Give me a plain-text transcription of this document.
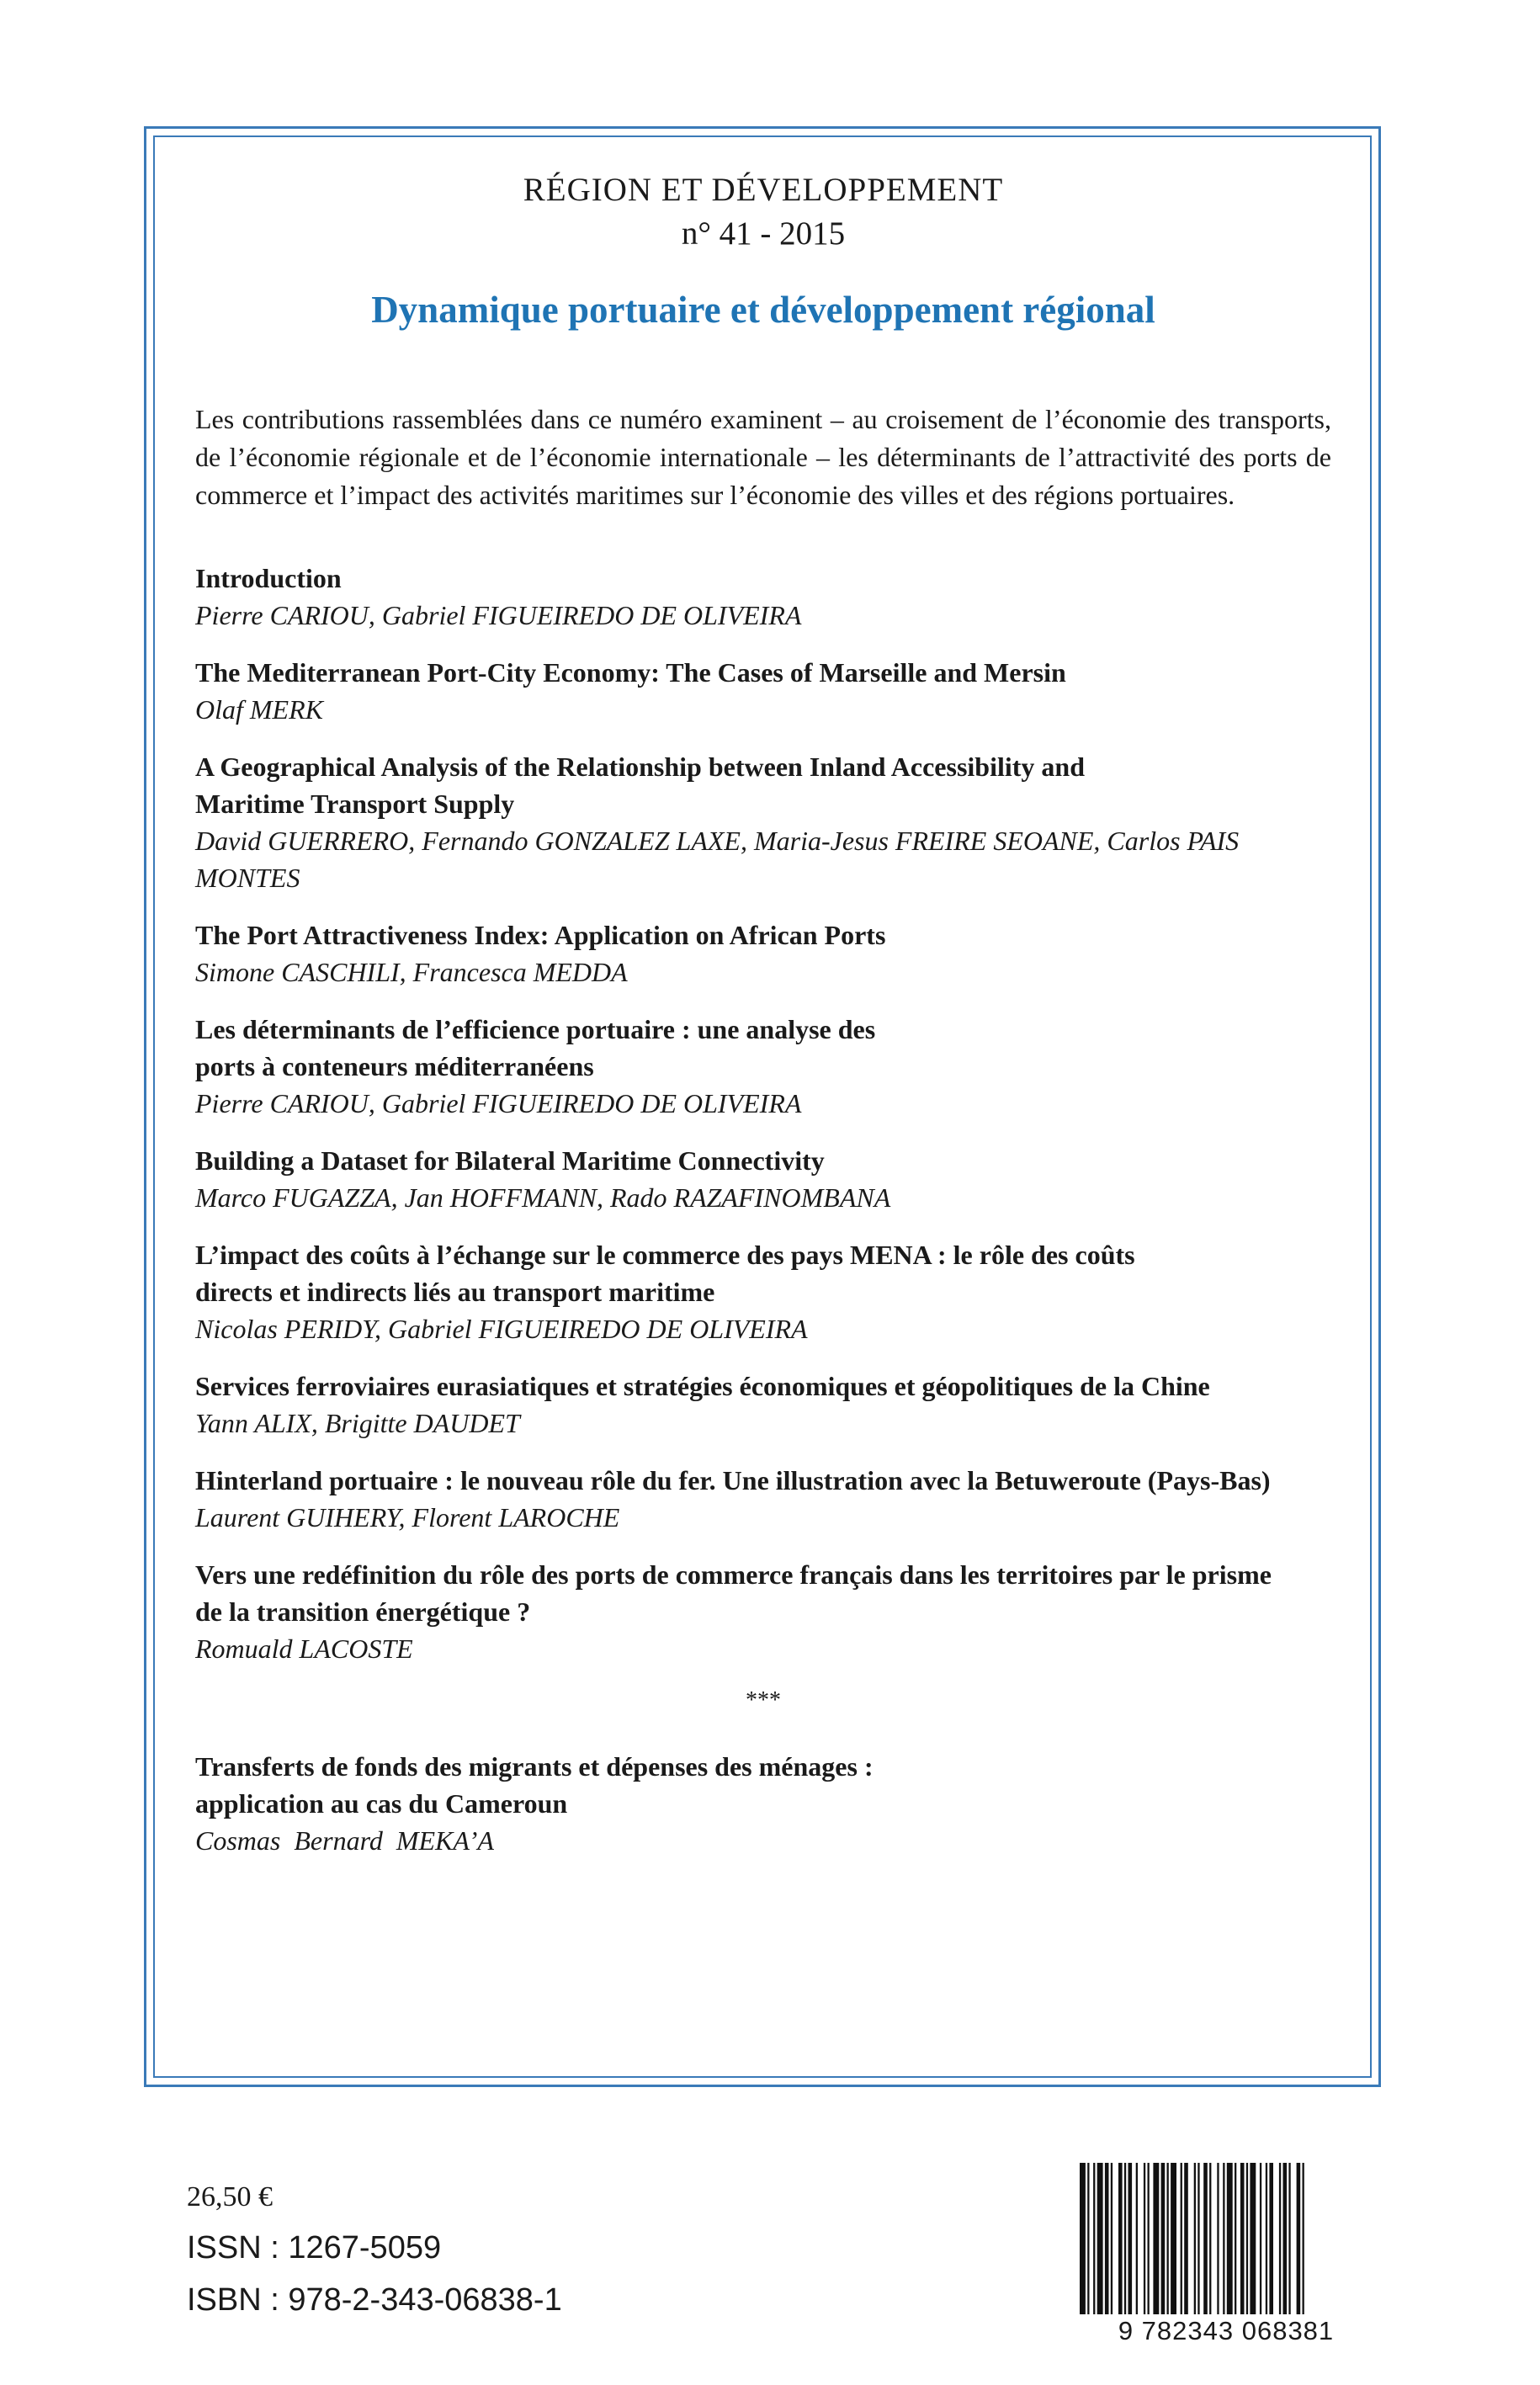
RÉGION ET DÉVELOPPEMENT

n° 41 - 2015

Dynamique portuaire et développement régional

Les contributions rassemblées dans ce numéro examinent – au croisement de l’économie des transports, de l’économie régionale et de l’économie internationale – les déterminants de l’attractivité des ports de commerce et l’impact des activités maritimes sur l’économie des villes et des régions portuaires.

Introduction
Pierre CARIOU, Gabriel FIGUEIREDO DE OLIVEIRA
The Mediterranean Port-City Economy: The Cases of Marseille and Mersin
Olaf MERK
A Geographical Analysis of the Relationship between Inland Accessibility and Maritime Transport Supply
David GUERRERO, Fernando GONZALEZ LAXE, Maria-Jesus FREIRE SEOANE, Carlos PAIS MONTES
The Port Attractiveness Index: Application on African Ports
Simone CASCHILI, Francesca MEDDA
Les déterminants de l’efficience portuaire : une analyse des ports à conteneurs méditerranéens
Pierre CARIOU, Gabriel FIGUEIREDO DE OLIVEIRA
Building a Dataset for Bilateral Maritime Connectivity
Marco FUGAZZA, Jan HOFFMANN, Rado RAZAFINOMBANA
L’impact des coûts à l’échange sur le commerce des pays MENA : le rôle des coûts directs et indirects liés au transport maritime
Nicolas PERIDY, Gabriel FIGUEIREDO DE OLIVEIRA
Services ferroviaires eurasiatiques et stratégies économiques et géopolitiques de la Chine
Yann ALIX, Brigitte DAUDET
Hinterland portuaire : le nouveau rôle du fer. Une illustration avec la Betuweroute (Pays-Bas)
Laurent GUIHERY, Florent LAROCHE
Vers une redéfinition du rôle des ports de commerce français dans les territoires par le prisme de la transition énergétique ?
Romuald LACOSTE
***
Transferts de fonds des migrants et dépenses des ménages : application au cas du Cameroun
Cosmas  Bernard  MEKA’A
26,50 €
ISSN : 1267-5059
ISBN : 978-2-343-06838-1
9 782343 068381
